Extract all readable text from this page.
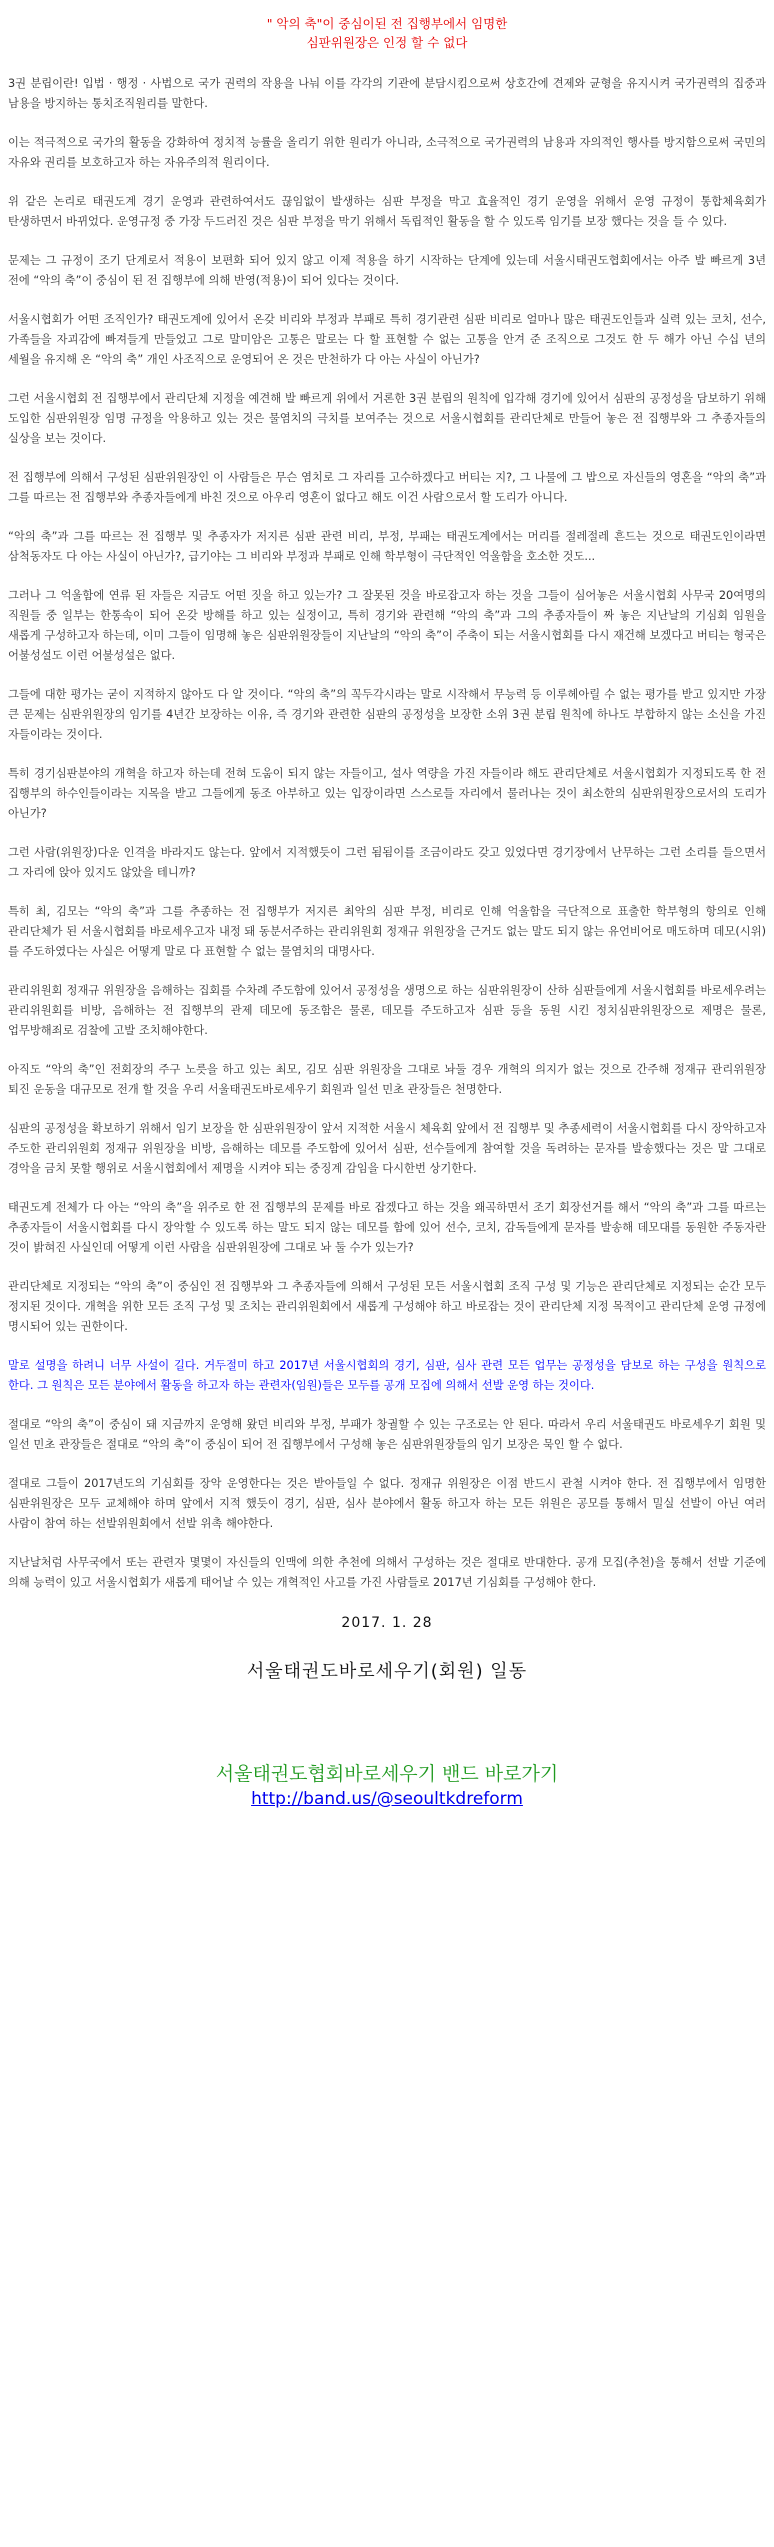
" 악의 축"이 중심이된 전 집행부에서 임명한
심판위원장은 인정 할 수 없다

3권 분립이란! 입법 · 행정 · 사법으로 국가 권력의 작용을 나눠 이를 각각의 기관에 분담시킴으로써 상호간에 견제와 균형을 유지시켜 국가권력의 집중과 남용을 방지하는 통치조직원리를 말한다.

이는 적극적으로 국가의 활동을 강화하여 정치적 능률을 올리기 위한 원리가 아니라, 소극적으로 국가권력의 남용과 자의적인 행사를 방지함으로써 국민의 자유와 권리를 보호하고자 하는 자유주의적 원리이다.

위 같은 논리로 태권도계 경기 운영과 관련하여서도 끊임없이 발생하는 심판 부정을 막고 효율적인 경기 운영을 위해서 운영 규정이 통합체육회가 탄생하면서 바뀌었다. 운영규정 중 가장 두드러진 것은 심판 부정을 막기 위해서 독립적인 활동을 할 수 있도록 임기를 보장 했다는 것을 들 수 있다.

문제는 그 규정이 조기 단계로서 적용이 보편화 되어 있지 않고 이제 적용을 하기 시작하는 단계에 있는데 서울시태권도협회에서는 아주 발 빠르게 3년 전에 “악의 축”이 중심이 된 전 집행부에 의해 반영(적용)이 되어 있다는 것이다.

서울시협회가 어떤 조직인가? 태권도계에 있어서 온갖 비리와 부정과 부패로 특히 경기관련 심판 비리로 얼마나 많은 태권도인들과 실력 있는 코치, 선수, 가족들을 자괴감에 빠져들게 만들었고 그로 말미암은 고통은 말로는 다 할 표현할 수 없는 고통을 안겨 준 조직으로 그것도 한 두 해가 아닌 수십 년의 세월을 유지해 온 “악의 축” 개인 사조직으로 운영되어 온 것은 만천하가 다 아는 사실이 아닌가?

그런 서울시협회 전 집행부에서 관리단체 지정을 예견해 발 빠르게 위에서 거론한 3권 분립의 원칙에 입각해 경기에 있어서 심판의 공정성을 담보하기 위해 도입한 심판위원장 임명 규정을 악용하고 있는 것은 물염치의 극치를 보여주는 것으로 서울시협회를 관리단체로 만들어 놓은 전 집행부와 그 추종자들의 실상을 보는 것이다.

전 집행부에 의해서 구성된 심판위원장인 이 사람들은 무슨 염치로 그 자리를 고수하겠다고 버티는 지?, 그 나물에 그 밥으로 자신들의 영혼을 “악의 축”과 그를 따르는 전 집행부와 추종자들에게 바친 것으로 아우리 영혼이 없다고 해도 이건 사람으로서 할 도리가 아니다.

“악의 축”과 그를 따르는 전 집행부 및 추종자가 저지른 심판 관련 비리, 부정, 부패는 태권도계에서는 머리를 절레절레 흔드는 것으로 태권도인이라면 삼척동자도 다 아는 사실이 아닌가?, 급기야는 그 비리와 부정과 부패로 인해 학부형이 극단적인 억울함을 호소한 것도...

그러나 그 억울함에 연류 된 자들은 지금도 어떤 짓을 하고 있는가? 그 잘못된 것을 바로잡고자 하는 것을 그들이 심어놓은 서울시협회 사무국 20여명의 직원들 중 일부는 한통속이 되어 온갖 방해를 하고 있는 실정이고, 특히 경기와 관련해 “악의 축”과 그의 추종자들이 짜 놓은 지난날의 기심회 임원을 새롭게 구성하고자 하는데, 이미 그들이 임명해 놓은 심판위원장들이 지난날의 “악의 축”이 주축이 되는 서울시협회를 다시 재건해 보겠다고 버티는 형국은 어불성설도 이런 어불성설은 없다.

그들에 대한 평가는 굳이 지적하지 않아도 다 알 것이다. “악의 축”의 꼭두각시라는 말로 시작해서 무능력 등 이루헤아릴 수 없는 평가를 받고 있지만 가장 큰 문제는 심판위원장의 임기를 4년간 보장하는 이유, 즉 경기와 관련한 심판의 공정성을 보장한 소위 3권 분립 원칙에 하나도 부합하지 않는 소신을 가진 자들이라는 것이다.

특히 경기심판분야의 개혁을 하고자 하는데 전혀 도움이 되지 않는 자들이고, 설사 역량을 가진 자들이라 해도 관리단체로 서울시협회가 지정되도록 한 전 집행부의 하수인들이라는 지목을 받고 그들에게 동조 아부하고 있는 입장이라면 스스로들 자리에서 물러나는 것이 최소한의 심판위원장으로서의 도리가 아닌가?

그런 사람(위원장)다운 인격을 바라지도 않는다. 앞에서 지적했듯이 그런 됨됨이를 조금이라도 갖고 있었다면 경기장에서 난무하는 그런 소리를 들으면서 그 자리에 앉아 있지도 않았을 테니까?

특히 최, 김모는 “악의 축”과 그를 추종하는 전 집행부가 저지른 최악의 심판 부정, 비리로 인해 억울함을 극단적으로 표출한 학부형의 항의로 인해 관리단체가 된 서울시협회를 바로세우고자 내정 돼 동분서주하는 관리위원회 정재규 위원장을 근거도 없는 말도 되지 않는 유언비어로 매도하며 데모(시위)를 주도하였다는 사실은 어떻게 말로 다 표현할 수 없는 물염치의 대명사다.

관리위원회 정재규 위원장을 음해하는 집회를 수차례 주도함에 있어서 공정성을 생명으로 하는 심판위원장이 산하 심판들에게 서울시협회를 바로세우려는 관리위원회를 비방, 음해하는 전 집행부의 관제 데모에 동조함은 물론, 데모를 주도하고자 심판 등을 동원 시킨 정치심판위원장으로 제명은 물론, 업무방해죄로 검찰에 고발 조치해야한다.

아직도 “악의 축”인 전회장의 주구 노릇을 하고 있는 최모, 김모 심판 위원장을 그대로 놔둘 경우 개혁의 의지가 없는 것으로 간주해 정재규 관리위원장 퇴진 운동을 대규모로 전개 할 것을 우리 서울태권도바로세우기 회원과 일선 민초 관장들은 천명한다.

심판의 공정성을 확보하기 위해서 임기 보장을 한 심판위원장이 앞서 지적한 서울시 체육회 앞에서 전 집행부 및 추종세력이 서울시협회를 다시 장악하고자 주도한 관리위원회 정재규 위원장을 비방, 음해하는 데모를 주도함에 있어서 심판, 선수들에게 참여할 것을 독려하는 문자를 발송했다는 것은 말 그대로 경악을 금치 못할 행위로 서울시협회에서 제명을 시켜야 되는 중징계 감임을 다시한번 상기한다.

태권도계 전체가 다 아는 “악의 축”을 위주로 한 전 집행부의 문제를 바로 잡겠다고 하는 것을 왜곡하면서 조기 회장선거를 해서 “악의 축”과 그를 따르는 추종자들이 서울시협회를 다시 장악할 수 있도록 하는 말도 되지 않는 데모를 함에 있어 선수, 코치, 감독들에게 문자를 발송해 데모대를 동원한 주동자란 것이 밝혀진 사실인데 어떻게 이런 사람을 심판위원장에 그대로 놔 둘 수가 있는가?

관리단체로 지정되는 “악의 축”이 중심인 전 집행부와 그 추종자들에 의해서 구성된 모든 서울시협회 조직 구성 및 기능은 관리단체로 지정되는 순간 모두 정지된 것이다. 개혁을 위한 모든 조직 구성 및 조치는 관리위원회에서 새롭게 구성해야 하고 바로잡는 것이 관리단체 지정 목적이고 관리단체 운영 규정에 명시되어 있는 권한이다.

말로 설명을 하려니 너무 사설이 길다. 거두절미 하고 2017년 서울시협회의 경기, 심판, 심사 관련 모든 업무는 공정성을 담보로 하는 구성을 원칙으로 한다. 그 원칙은 모든 분야에서 활동을 하고자 하는 관련자(임원)들은 모두를 공개 모집에 의해서 선발 운영 하는 것이다.

절대로 “악의 축”이 중심이 돼 지금까지 운영해 왔던 비리와 부정, 부패가 창궐할 수 있는 구조로는 안 된다. 따라서 우리 서울태권도 바로세우기 회원 및 일선 민초 관장들은 절대로 “악의 축”이 중심이 되어 전 집행부에서 구성해 놓은 심판위원장들의 임기 보장은 묵인 할 수 없다.

절대로 그들이 2017년도의 기심회를 장악 운영한다는 것은 받아들일 수 없다. 정재규 위원장은 이점 반드시 관철 시켜야 한다. 전 집행부에서 임명한 심판위원장은 모두 교체해야 하며 앞에서 지적 했듯이 경기, 심판, 심사 분야에서 활동 하고자 하는 모든 위원은 공모를 통해서 밀실 선발이 아닌 여러 사람이 참여 하는 선발위원회에서 선발 위촉 해야한다.

지난날처럼 사무국에서 또는 관련자 몇몇이 자신들의 인맥에 의한 추천에 의해서 구성하는 것은 절대로 반대한다. 공개 모집(추천)을 통해서 선발 기준에 의해 능력이 있고 서울시협회가 새롭게 태어날 수 있는 개혁적인 사고를 가진 사람들로 2017년 기심회를 구성해야 한다.

2017. 1. 28
서울태권도바로세우기(회원) 일동
서울태권도협회바로세우기 밴드 바로가기
http://band.us/@seoultkdreform
